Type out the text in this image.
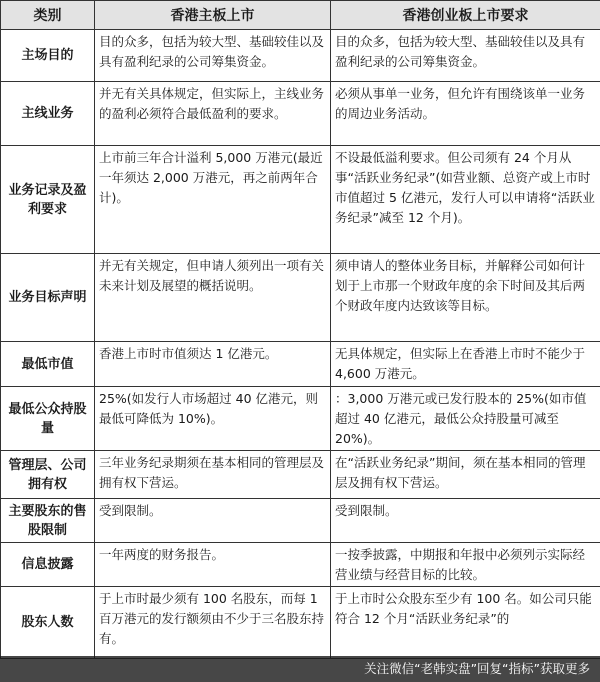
类别	香港主板上市	香港创业板上市要求
主场目的	目的众多，包括为较大型、基础较佳以及具有盈利纪录的公司筹集资金。	目的众多，包括为较大型、基础较佳以及具有盈利纪录的公司筹集资金。
主线业务	并无有关具体规定，但实际上，主线业务的盈利必须符合最低盈利的要求。	必须从事单一业务，但允许有围绕该单一业务的周边业务活动。
业务记录及盈利要求	上市前三年合计溢利 5,000 万港元(最近一年须达 2,000 万港元，再之前两年合计)。	不设最低溢利要求。但公司须有 24 个月从事“活跃业务纪录”(如营业额、总资产或上市时市值超过 5 亿港元，发行人可以申请将“活跃业务纪录”减至 12 个月)。
业务目标声明	并无有关规定，但申请人须列出一项有关未来计划及展望的概括说明。	须申请人的整体业务目标，并解释公司如何计划于上市那一个财政年度的余下时间及其后两个财政年度内达致该等目标。
最低市值	香港上市时市值须达 1 亿港元。	无具体规定，但实际上在香港上市时不能少于 4,600 万港元。
最低公众持股量	25%(如发行人市场超过 40 亿港元，则最低可降低为 10%)。	：3,000 万港元或已发行股本的 25%(如市值超过 40 亿港元，最低公众持股量可减至 20%)。
管理层、公司拥有权	三年业务纪录期须在基本相同的管理层及拥有权下营运。	在“活跃业务纪录”期间，须在基本相同的管理层及拥有权下营运。
主要股东的售股限制	受到限制。	受到限制。
信息披露	一年两度的财务报告。	一按季披露，中期报和年报中必须列示实际经营业绩与经营目标的比较。
股东人数	于上市时最少须有 100 名股东，而每 1 百万港元的发行额须由不少于三名股东持有。	于上市时公众股东至少有 100 名。如公司只能符合 12 个月“活跃业务纪录”的
关注微信“老韩实盘”回复“指标”获取更多
